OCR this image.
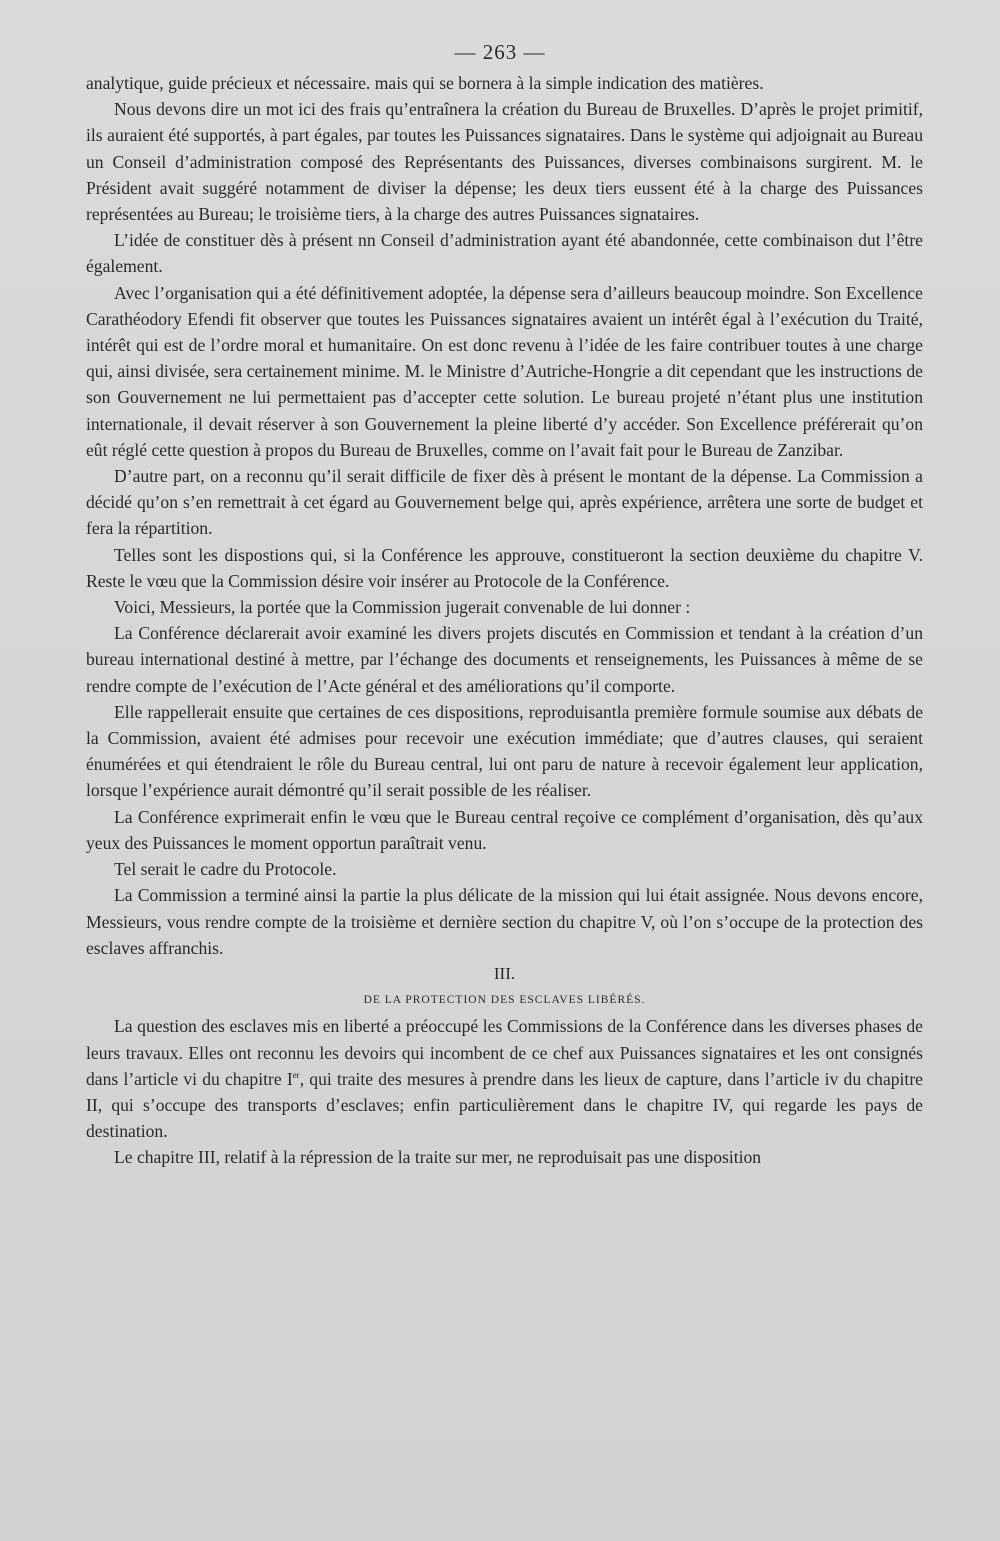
— 263 —

analytique, guide précieux et nécessaire. mais qui se bornera à la simple indication des matières.

Nous devons dire un mot ici des frais qu’entraînera la création du Bureau de Bruxelles. D’après le projet primitif, ils auraient été supportés, à part égales, par toutes les Puissances signataires. Dans le système qui adjoignait au Bureau un Conseil d’administration composé des Représentants des Puissances, diverses combinaisons surgirent. M. le Président avait suggéré notamment de diviser la dépense; les deux tiers eussent été à la charge des Puissances représentées au Bureau; le troisième tiers, à la charge des autres Puissances signataires.

L’idée de constituer dès à présent nn Conseil d’administration ayant été abandonnée, cette combinaison dut l’être également.

Avec l’organisation qui a été définitivement adoptée, la dépense sera d’ailleurs beaucoup moindre. Son Excellence Carathéodory Efendi fit observer que toutes les Puissances signataires avaient un intérêt égal à l’exécution du Traité, intérêt qui est de l’ordre moral et humanitaire. On est donc revenu à l’idée de les faire contribuer toutes à une charge qui, ainsi divisée, sera certainement minime. M. le Ministre d’Autriche-Hongrie a dit cependant que les instructions de son Gouvernement ne lui permettaient pas d’accepter cette solution. Le bureau projeté n’étant plus une institution internationale, il devait réserver à son Gouvernement la pleine liberté d’y accéder. Son Excellence préférerait qu’on eût réglé cette question à propos du Bureau de Bruxelles, comme on l’avait fait pour le Bureau de Zanzibar.

D’autre part, on a reconnu qu’il serait difficile de fixer dès à présent le montant de la dépense. La Commission a décidé qu’on s’en remettrait à cet égard au Gouvernement belge qui, après expérience, arrêtera une sorte de budget et fera la répartition.

Telles sont les dispostions qui, si la Conférence les approuve, constitueront la section deuxième du chapitre V. Reste le vœu que la Commission désire voir insérer au Protocole de la Conférence.

Voici, Messieurs, la portée que la Commission jugerait convenable de lui donner :

La Conférence déclarerait avoir examiné les divers projets discutés en Commission et tendant à la création d’un bureau international destiné à mettre, par l’échange des documents et renseignements, les Puissances à même de se rendre compte de l’exécution de l’Acte général et des améliorations qu’il comporte.

Elle rappellerait ensuite que certaines de ces dispositions, reproduisantla première formule soumise aux débats de la Commission, avaient été admises pour recevoir une exécution immédiate; que d’autres clauses, qui seraient énumérées et qui étendraient le rôle du Bureau central, lui ont paru de nature à recevoir également leur application, lorsque l’expérience aurait démontré qu’il serait possible de les réaliser.

La Conférence exprimerait enfin le vœu que le Bureau central reçoive ce complément d’organisation, dès qu’aux yeux des Puissances le moment opportun paraîtrait venu.

Tel serait le cadre du Protocole.

La Commission a terminé ainsi la partie la plus délicate de la mission qui lui était assignée. Nous devons encore, Messieurs, vous rendre compte de la troisième et dernière section du chapitre V, où l’on s’occupe de la protection des esclaves affranchis.

III.

DE LA PROTECTION DES ESCLAVES LIBÉRÉS.

La question des esclaves mis en liberté a préoccupé les Commissions de la Conférence dans les diverses phases de leurs travaux. Elles ont reconnu les devoirs qui incombent de ce chef aux Puissances signataires et les ont consignés dans l’article vi du chapitre Ier, qui traite des mesures à prendre dans les lieux de capture, dans l’article iv du chapitre II, qui s’occupe des transports d’esclaves; enfin particulièrement dans le chapitre IV, qui regarde les pays de destination.

Le chapitre III, relatif à la répression de la traite sur mer, ne reproduisait pas une disposition
